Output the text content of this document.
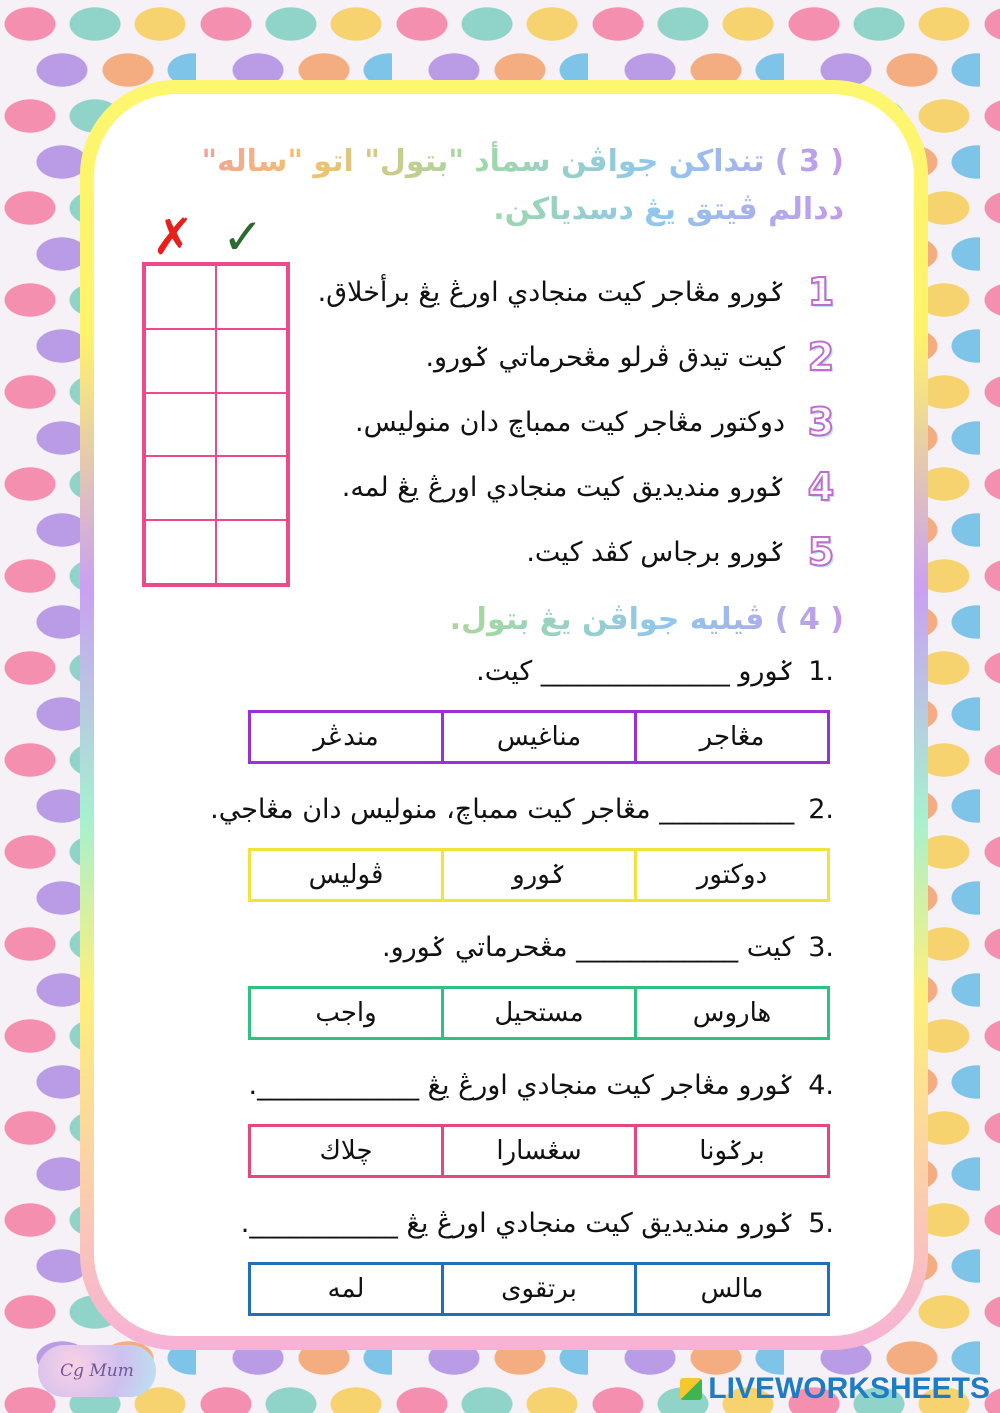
( 3 ) تنداكن جواڤن سمأد "بتول" اتو "ساله" ددالم ڤيتق يڠ دسدياكن.
✗ ✓
1
ݢورو مڠاجر كيت منجادي اورڠ يڠ برأخلاق.
2
كيت تيدق ڤرلو مڠحرماتي ݢورو.
3
دوكتور مڠاجر كيت ممباچ دان منوليس.
4
ݢورو منديديق كيت منجادي اورڠ يڠ لمه.
5
ݢورو برجاس كڤد كيت.
( 4 ) ڤيليه جواڤن يڠ بتول.
1.
ݢورو ______________ كيت.
مڠاجر
مناغيس
مندڠر
2.
__________ مڠاجر كيت ممباچ، منوليس دان مڠاجي.
دوكتور
ݢورو
ڤوليس
3.
كيت ____________ مڠحرماتي ݢورو.
هاروس
مستحيل
واجب
4.
ݢورو مڠاجر كيت منجادي اورڠ يڠ ____________.
برݢونا
سڠسارا
چلاك
5.
ݢورو منديديق كيت منجادي اورڠ يڠ ___________.
مالس
برتقوى
لمه
Cg Mum
LIVEWORKSHEETS
